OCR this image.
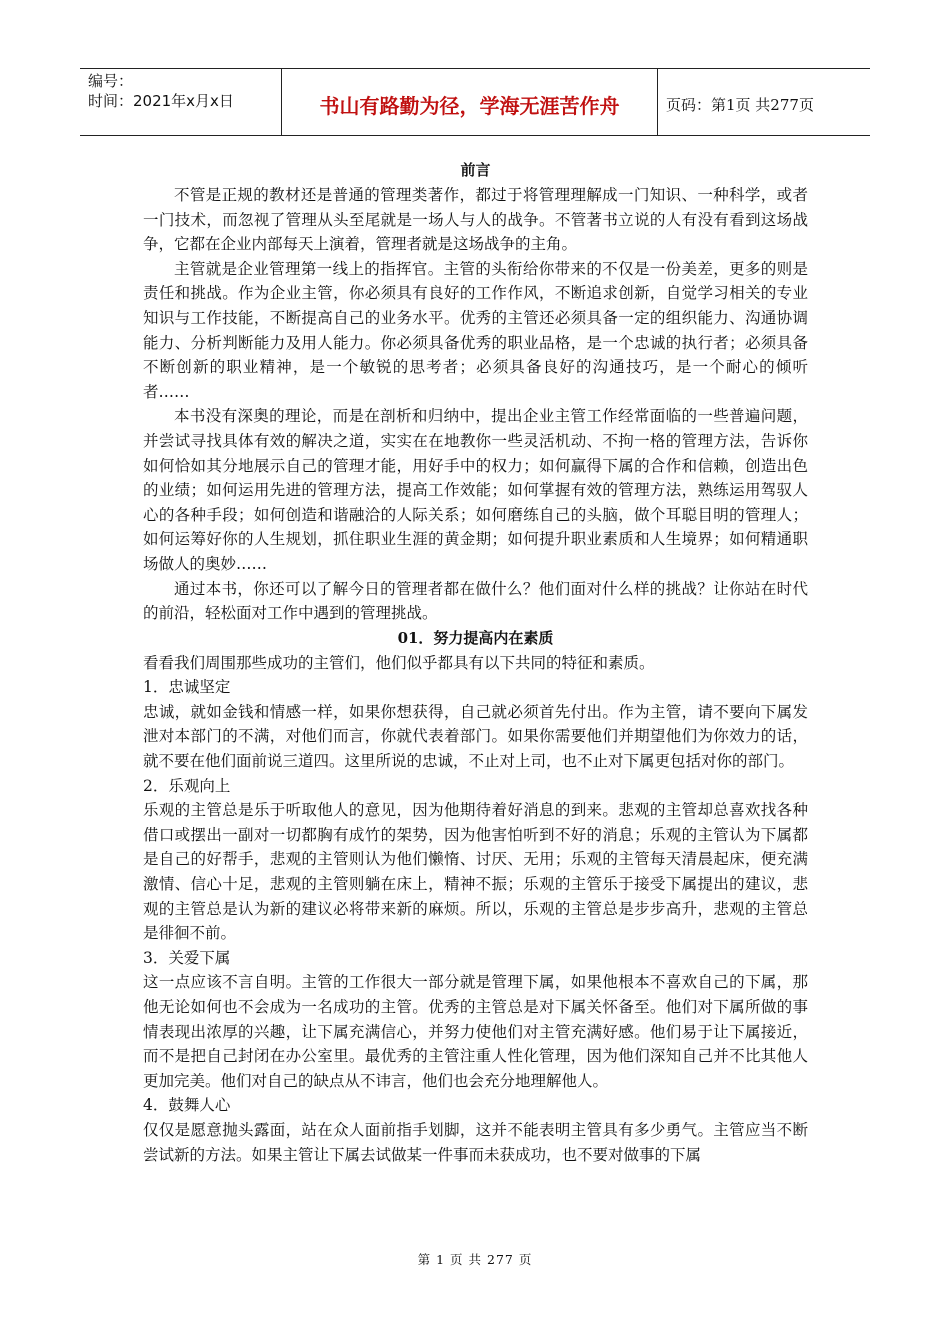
编号：
时间：2021年x月x日	书山有路勤为径，学海无涯苦作舟	页码：第1页 共277页

前言

不管是正规的教材还是普通的管理类著作，都过于将管理理解成一门知识、一种科学，或者一门技术，而忽视了管理从头至尾就是一场人与人的战争。不管著书立说的人有没有看到这场战争，它都在企业内部每天上演着，管理者就是这场战争的主角。

主管就是企业管理第一线上的指挥官。主管的头衔给你带来的不仅是一份美差，更多的则是责任和挑战。作为企业主管，你必须具有良好的工作作风，不断追求创新，自觉学习相关的专业知识与工作技能，不断提高自己的业务水平。优秀的主管还必须具备一定的组织能力、沟通协调能力、分析判断能力及用人能力。你必须具备优秀的职业品格，是一个忠诚的执行者；必须具备不断创新的职业精神，是一个敏锐的思考者；必须具备良好的沟通技巧，是一个耐心的倾听者……

本书没有深奥的理论，而是在剖析和归纳中，提出企业主管工作经常面临的一些普遍问题，并尝试寻找具体有效的解决之道，实实在在地教你一些灵活机动、不拘一格的管理方法，告诉你如何恰如其分地展示自己的管理才能，用好手中的权力；如何赢得下属的合作和信赖，创造出色的业绩；如何运用先进的管理方法，提高工作效能；如何掌握有效的管理方法，熟练运用驾驭人心的各种手段；如何创造和谐融洽的人际关系；如何磨练自己的头脑，做个耳聪目明的管理人；如何运筹好你的人生规划，抓住职业生涯的黄金期；如何提升职业素质和人生境界；如何精通职场做人的奥妙……

通过本书，你还可以了解今日的管理者都在做什么？他们面对什么样的挑战？让你站在时代的前沿，轻松面对工作中遇到的管理挑战。

01．努力提高内在素质

看看我们周围那些成功的主管们，他们似乎都具有以下共同的特征和素质。

1．忠诚坚定

忠诚，就如金钱和情感一样，如果你想获得，自己就必须首先付出。作为主管，请不要向下属发泄对本部门的不满，对他们而言，你就代表着部门。如果你需要他们并期望他们为你效力的话，就不要在他们面前说三道四。这里所说的忠诚，不止对上司，也不止对下属更包括对你的部门。

2．乐观向上

乐观的主管总是乐于听取他人的意见，因为他期待着好消息的到来。悲观的主管却总喜欢找各种借口或摆出一副对一切都胸有成竹的架势，因为他害怕听到不好的消息；乐观的主管认为下属都是自己的好帮手，悲观的主管则认为他们懒惰、讨厌、无用；乐观的主管每天清晨起床，便充满激情、信心十足，悲观的主管则躺在床上，精神不振；乐观的主管乐于接受下属提出的建议，悲观的主管总是认为新的建议必将带来新的麻烦。所以，乐观的主管总是步步高升，悲观的主管总是徘徊不前。

3．关爱下属

这一点应该不言自明。主管的工作很大一部分就是管理下属，如果他根本不喜欢自己的下属，那他无论如何也不会成为一名成功的主管。优秀的主管总是对下属关怀备至。他们对下属所做的事情表现出浓厚的兴趣，让下属充满信心，并努力使他们对主管充满好感。他们易于让下属接近，而不是把自己封闭在办公室里。最优秀的主管注重人性化管理，因为他们深知自己并不比其他人更加完美。他们对自己的缺点从不讳言，他们也会充分地理解他人。

4．鼓舞人心

仅仅是愿意抛头露面，站在众人面前指手划脚，这并不能表明主管具有多少勇气。主管应当不断尝试新的方法。如果主管让下属去试做某一件事而未获成功，也不要对做事的下属

第 1 页 共 277 页
